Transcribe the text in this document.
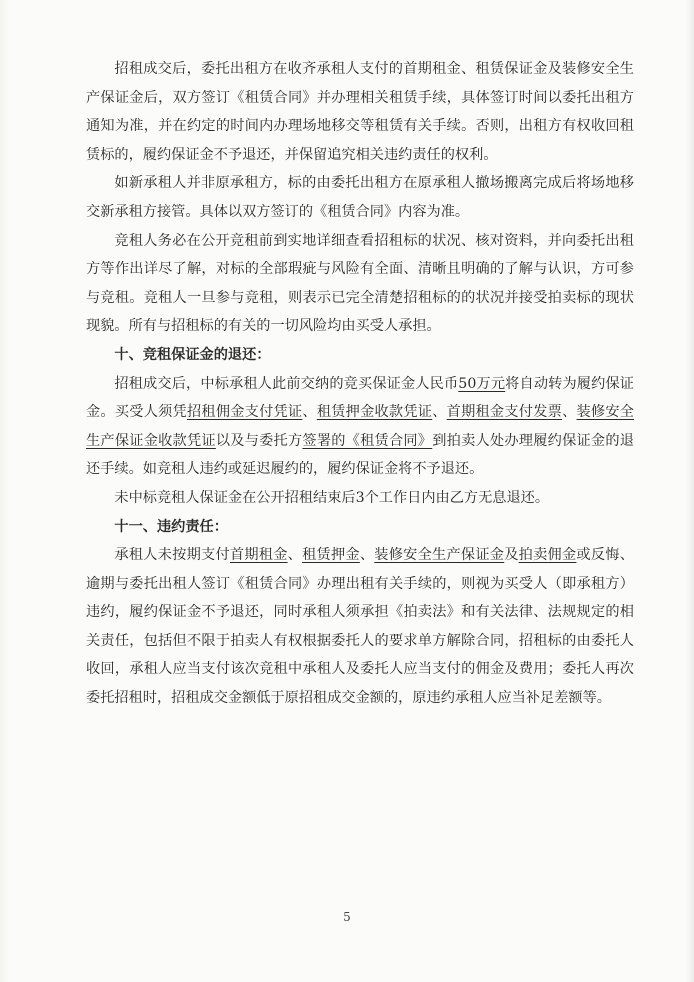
招租成交后，委托出租方在收齐承租人支付的首期租金、租赁保证金及装修安全生产保证金后，双方签订《租赁合同》并办理相关租赁手续，具体签订时间以委托出租方通知为准，并在约定的时间内办理场地移交等租赁有关手续。否则，出租方有权收回租赁标的，履约保证金不予退还，并保留追究相关违约责任的权利。

如新承租人并非原承租方，标的由委托出租方在原承租人撤场搬离完成后将场地移交新承租方接管。具体以双方签订的《租赁合同》内容为准。

竞租人务必在公开竞租前到实地详细查看招租标的状况、核对资料，并向委托出租方等作出详尽了解，对标的全部瑕疵与风险有全面、清晰且明确的了解与认识，方可参与竞租。竞租人一旦参与竞租，则表示已完全清楚招租标的的状况并接受拍卖标的现状现貌。所有与招租标的有关的一切风险均由买受人承担。

十、竞租保证金的退还：

招租成交后，中标承租人此前交纳的竞买保证金人民币50万元将自动转为履约保证金。买受人须凭招租佣金支付凭证、租赁押金收款凭证、首期租金支付发票、装修安全生产保证金收款凭证以及与委托方签署的《租赁合同》到拍卖人处办理履约保证金的退还手续。如竞租人违约或延迟履约的，履约保证金将不予退还。

未中标竞租人保证金在公开招租结束后3个工作日内由乙方无息退还。

十一、违约责任：

承租人未按期支付首期租金、租赁押金、装修安全生产保证金及拍卖佣金或反悔、逾期与委托出租人签订《租赁合同》办理出租有关手续的，则视为买受人（即承租方）违约，履约保证金不予退还，同时承租人须承担《拍卖法》和有关法律、法规规定的相关责任，包括但不限于拍卖人有权根据委托人的要求单方解除合同，招租标的由委托人收回，承租人应当支付该次竞租中承租人及委托人应当支付的佣金及费用；委托人再次委托招租时，招租成交金额低于原招租成交金额的，原违约承租人应当补足差额等。

5
